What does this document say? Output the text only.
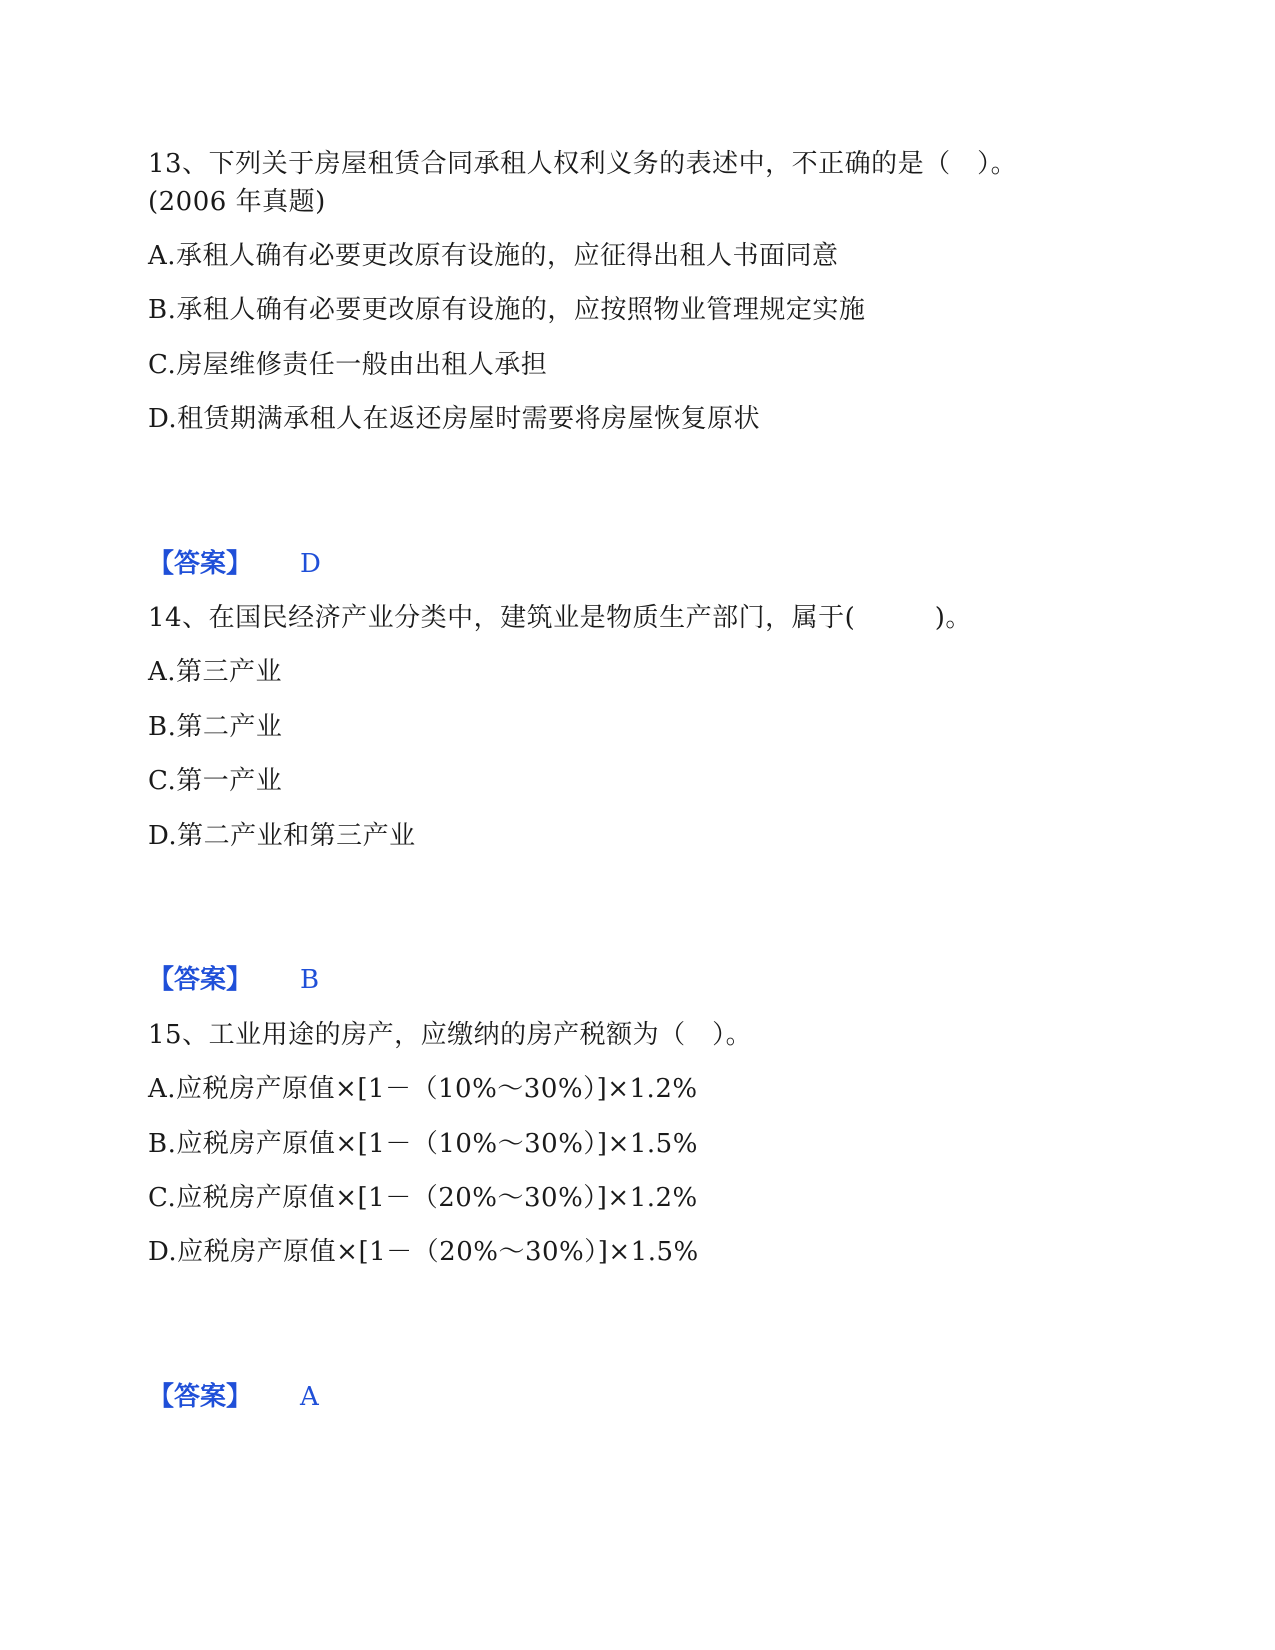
13、下列关于房屋租赁合同承租人权利义务的表述中，不正确的是（　）。
(2006 年真题)
A.承租人确有必要更改原有设施的，应征得出租人书面同意
B.承租人确有必要更改原有设施的，应按照物业管理规定实施
C.房屋维修责任一般由出租人承担
D.租赁期满承租人在返还房屋时需要将房屋恢复原状
【答案】 D
14、在国民经济产业分类中，建筑业是物质生产部门，属于(　　　)。
A.第三产业
B.第二产业
C.第一产业
D.第二产业和第三产业
【答案】 B
15、工业用途的房产，应缴纳的房产税额为（　）。
A.应税房产原值×[1－（10%～30%）]×1.2%
B.应税房产原值×[1－（10%～30%）]×1.5%
C.应税房产原值×[1－（20%～30%）]×1.2%
D.应税房产原值×[1－（20%～30%）]×1.5%
【答案】 A
